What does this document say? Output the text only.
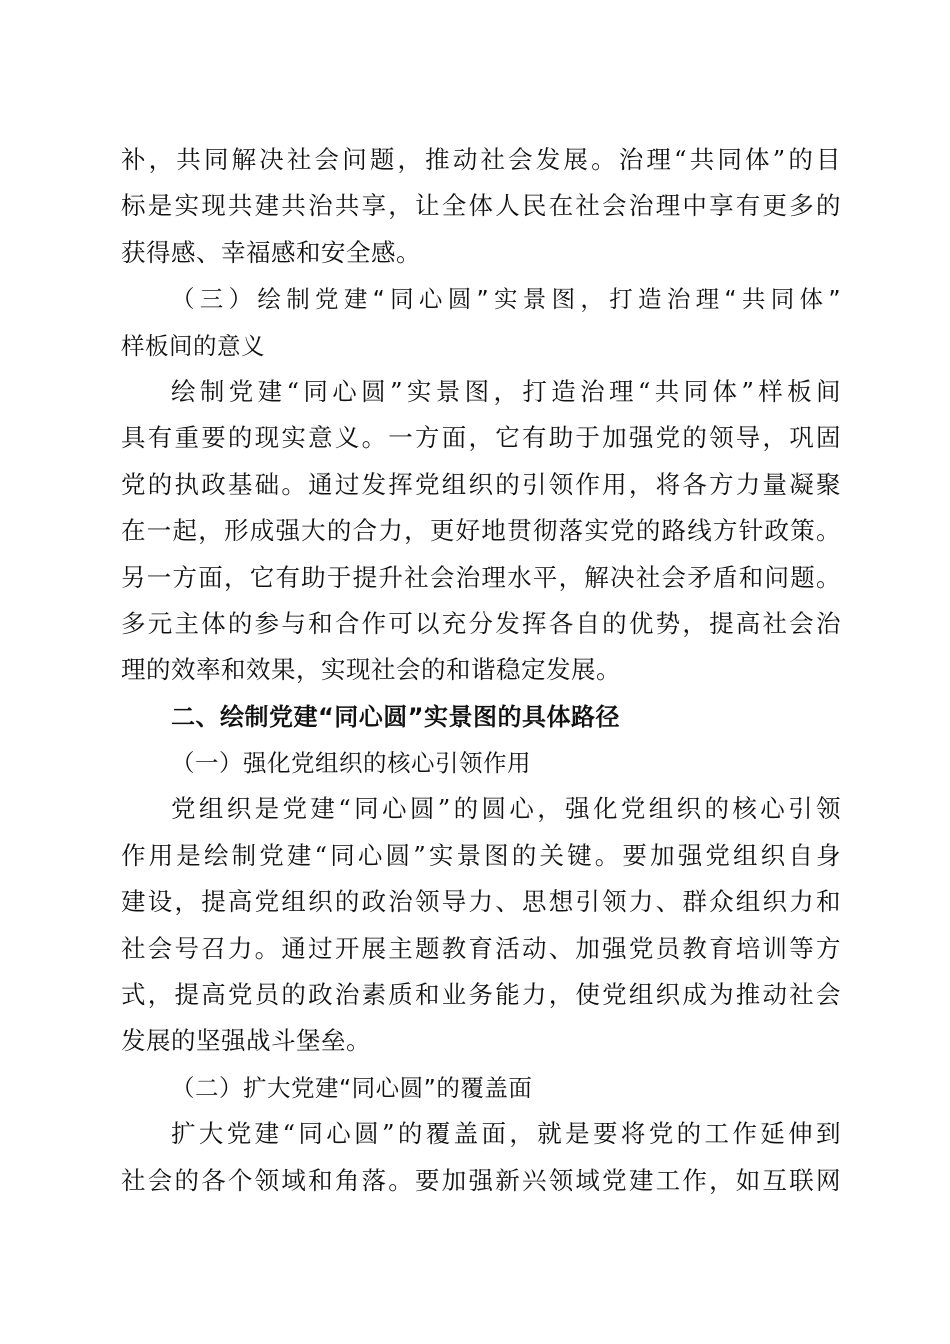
补，共同解决社会问题，推动社会发展。治理“共同体”的目
标是实现共建共治共享，让全体人民在社会治理中享有更多的
获得感、幸福感和安全感。
（三）绘制党建“同心圆”实景图，打造治理“共同体”
样板间的意义
绘制党建“同心圆”实景图，打造治理“共同体”样板间
具有重要的现实意义。一方面，它有助于加强党的领导，巩固
党的执政基础。通过发挥党组织的引领作用，将各方力量凝聚
在一起，形成强大的合力，更好地贯彻落实党的路线方针政策。
另一方面，它有助于提升社会治理水平，解决社会矛盾和问题。
多元主体的参与和合作可以充分发挥各自的优势，提高社会治
理的效率和效果，实现社会的和谐稳定发展。
二、绘制党建“同心圆”实景图的具体路径
（一）强化党组织的核心引领作用
党组织是党建“同心圆”的圆心，强化党组织的核心引领
作用是绘制党建“同心圆”实景图的关键。要加强党组织自身
建设，提高党组织的政治领导力、思想引领力、群众组织力和
社会号召力。通过开展主题教育活动、加强党员教育培训等方
式，提高党员的政治素质和业务能力，使党组织成为推动社会
发展的坚强战斗堡垒。
（二）扩大党建“同心圆”的覆盖面
扩大党建“同心圆”的覆盖面，就是要将党的工作延伸到
社会的各个领域和角落。要加强新兴领域党建工作，如互联网
